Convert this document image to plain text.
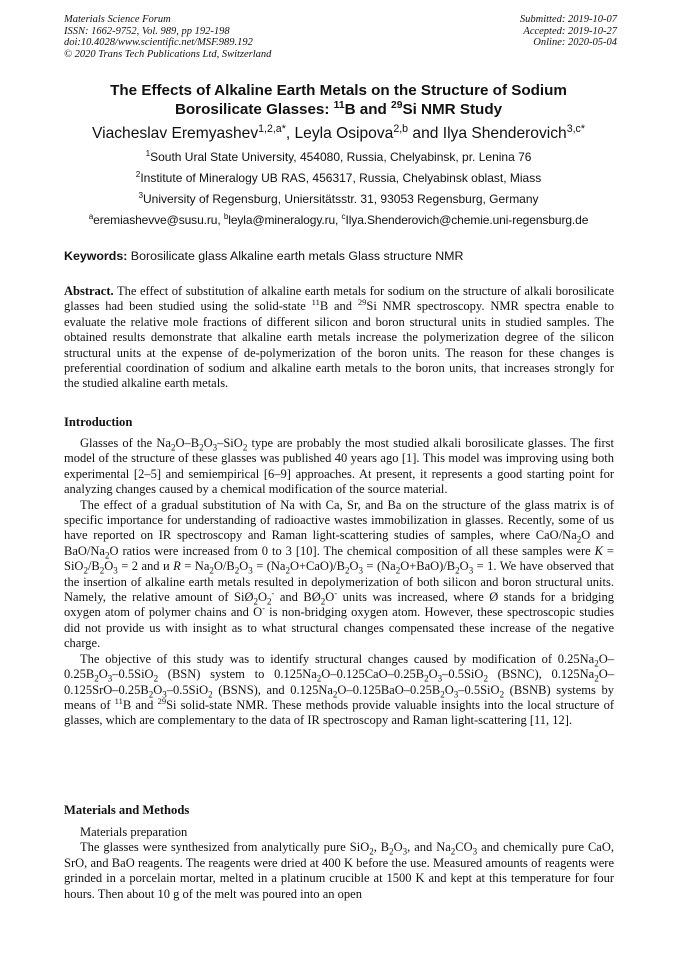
Materials Science Forum
ISSN: 1662-9752, Vol. 989, pp 192-198
doi:10.4028/www.scientific.net/MSF.989.192
© 2020 Trans Tech Publications Ltd, Switzerland
Submitted: 2019-10-07
Accepted: 2019-10-27
Online: 2020-05-04
The Effects of Alkaline Earth Metals on the Structure of Sodium
Borosilicate Glasses: $^{11}$B and $^{29}$Si NMR Study
Viacheslav Eremyashev$^{1,2,a*}$, Leyla Osipova$^{2,b}$ and Ilya Shenderovich$^{3,c*}$
$^1$South Ural State University, 454080, Russia, Chelyabinsk, pr. Lenina 76
$^2$Institute of Mineralogy UB RAS, 456317, Russia, Chelyabinsk oblast, Miass
$^3$University of Regensburg, Uniersitätsstr. 31, 93053 Regensburg, Germany
$^a$eremiashevve@susu.ru, $^b$leyla@mineralogy.ru, $^c$Ilya.Shenderovich@chemie.uni-regensburg.de
Keywords: Borosilicate glass Alkaline earth metals Glass structure NMR

Abstract. The effect of substitution of alkaline earth metals for sodium on the structure of alkali borosilicate glasses had been studied using the solid-state $^{11}$B and $^{29}$Si NMR spectroscopy. NMR spectra enable to evaluate the relative mole fractions of different silicon and boron structural units in studied samples. The obtained results demonstrate that alkaline earth metals increase the polymerization degree of the silicon structural units at the expense of de-polymerization of the boron units. The reason for these changes is preferential coordination of sodium and alkaline earth metals to the boron units, that increases strongly for the studied alkaline earth metals.

Introduction

Glasses of the $Na_2O-B_2O_3-SiO_2$ type are probably the most studied alkali borosilicate glasses. The first model of the structure of these glasses was published 40 years ago [1]. This model was improving using both experimental [2–5] and semiempirical [6–9] approaches. At present, it represents a good starting point for analyzing changes caused by a chemical modification of the source material.

The effect of a gradual substitution of Na with Ca, Sr, and Ba on the structure of the glass matrix is of specific importance for understanding of radioactive wastes immobilization in glasses. Recently, some of us have reported on IR spectroscopy and Raman light-scattering studies of samples, where CaO/$Na_2O$ and BaO/$Na_2O$ ratios were increased from 0 to 3 [10]. The chemical composition of all these samples were $K = SiO_2/B_2O_3 = 2$ and и $R = Na_2O/B_2O_3 = (Na_2O+CaO)/B_2O_3 = (Na_2O+BaO)/B_2O_3 = 1$. We have observed that the insertion of alkaline earth metals resulted in depolymerization of both silicon and boron structural units. Namely, the relative amount of $SiØ_2O_2^-$ and $BØ_2O^-$ units was increased, where Ø stands for a bridging oxygen atom of polymer chains and O- is non-bridging oxygen atom. However, these spectroscopic studies did not provide us with insight as to what structural changes compensated these increase of the negative charge.

The objective of this study was to identify structural changes caused by modification of $0.25Na_2O-0.25B_2O_3-0.5SiO_2$ (BSN) system to $0.125Na_2O-0.125CaO-0.25B_2O_3-0.5SiO_2$ (BSNC), $0.125Na_2O-0.125SrO-0.25B_2O_3-0.5SiO_2$ (BSNS), and $0.125Na_2O-0.125BaO-0.25B_2O_3-0.5SiO_2$ (BSNB) systems by means of $^{11}$B and $^{29}$Si solid-state NMR. These methods provide valuable insights into the local structure of glasses, which are complementary to the data of IR spectroscopy and Raman light-scattering [11, 12].

Materials and Methods

Materials preparation

The glasses were synthesized from analytically pure SiO$_2$, $B_2O_3$, and $Na_2CO_3$ and chemically pure CaO, SrO, and BaO reagents. The reagents were dried at 400 K before the use. Measured amounts of reagents were grinded in a porcelain mortar, melted in a platinum crucible at 1500 K and kept at this temperature for four hours. Then about 10 g of the melt was poured into an open
